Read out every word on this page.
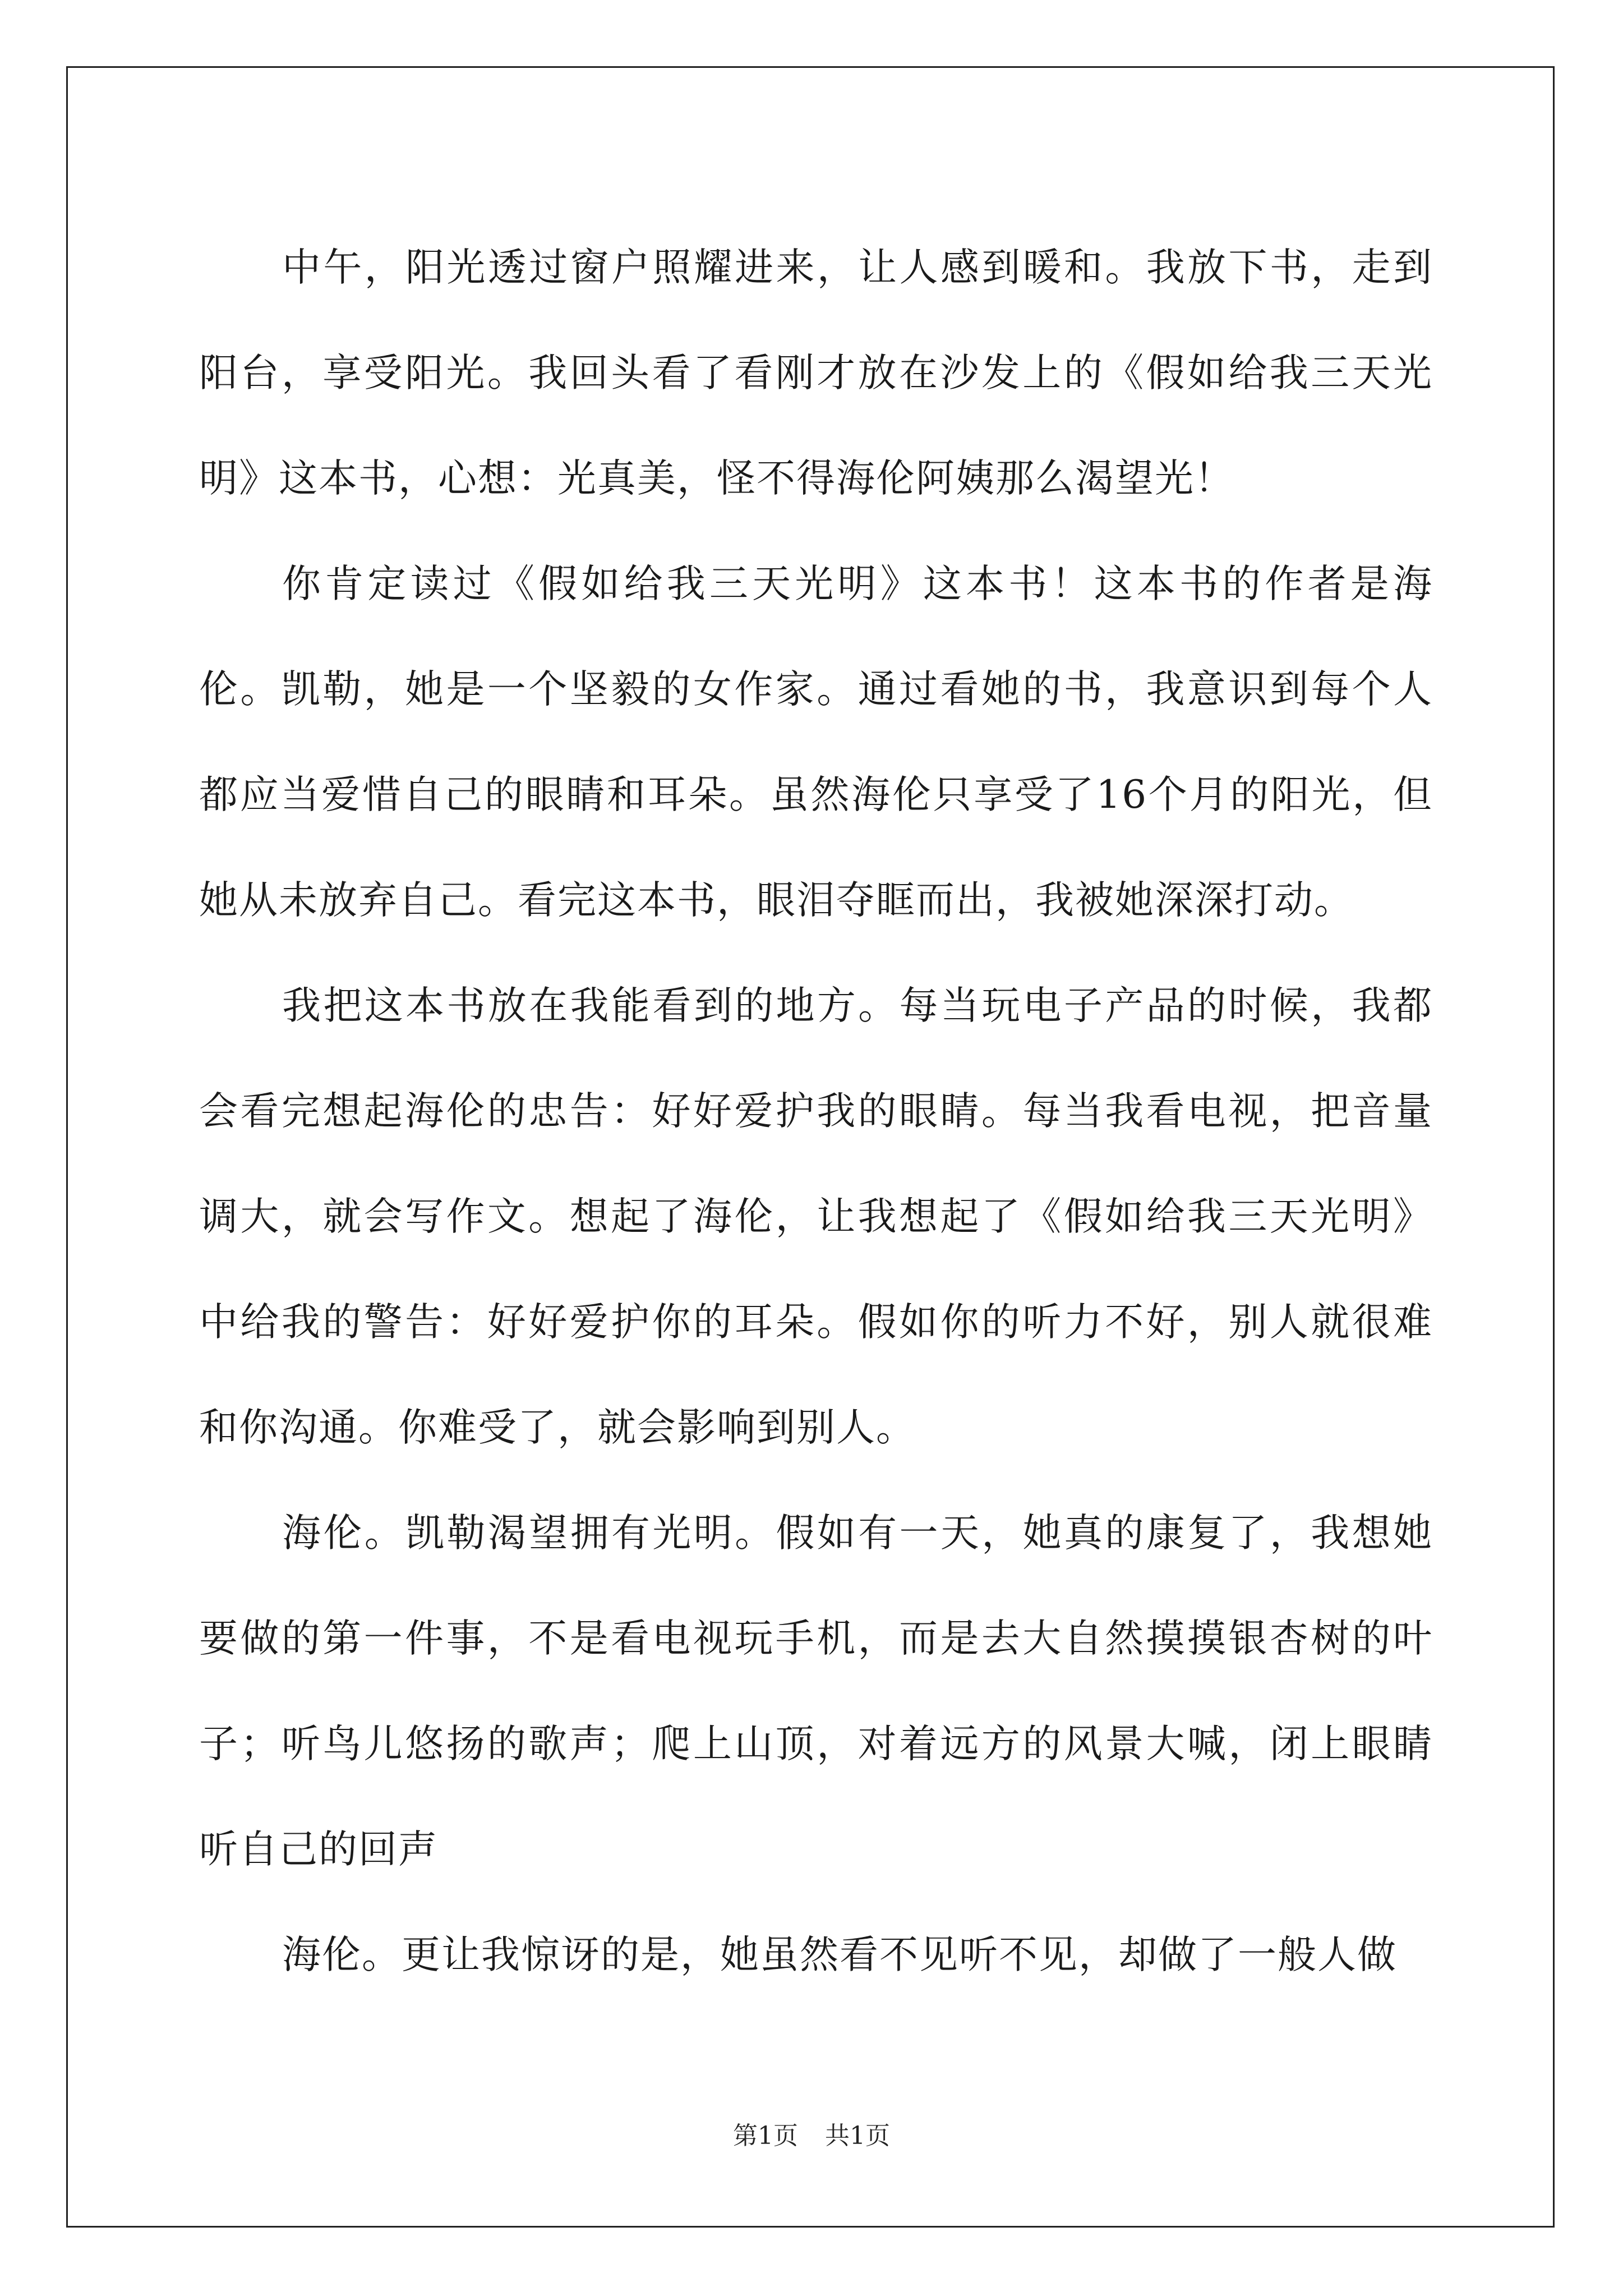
中午，阳光透过窗户照耀进来，让人感到暖和。我放下书，走到阳台，享受阳光。我回头看了看刚才放在沙发上的《假如给我三天光明》这本书，心想：光真美，怪不得海伦阿姨那么渴望光！

你肯定读过《假如给我三天光明》这本书！这本书的作者是海伦。凯勒，她是一个坚毅的女作家。通过看她的书，我意识到每个人都应当爱惜自己的眼睛和耳朵。虽然海伦只享受了16个月的阳光，但她从未放弃自己。看完这本书，眼泪夺眶而出，我被她深深打动。

我把这本书放在我能看到的地方。每当玩电子产品的时候，我都会看完想起海伦的忠告：好好爱护我的眼睛。每当我看电视，把音量调大，就会写作文。想起了海伦，让我想起了《假如给我三天光明》中给我的警告：好好爱护你的耳朵。假如你的听力不好，别人就很难和你沟通。你难受了，就会影响到别人。

海伦。凯勒渴望拥有光明。假如有一天，她真的康复了，我想她要做的第一件事，不是看电视玩手机，而是去大自然摸摸银杏树的叶子；听鸟儿悠扬的歌声；爬上山顶，对着远方的风景大喊，闭上眼睛听自己的回声

海伦。更让我惊讶的是，她虽然看不见听不见，却做了一般人做

第1页 共1页
